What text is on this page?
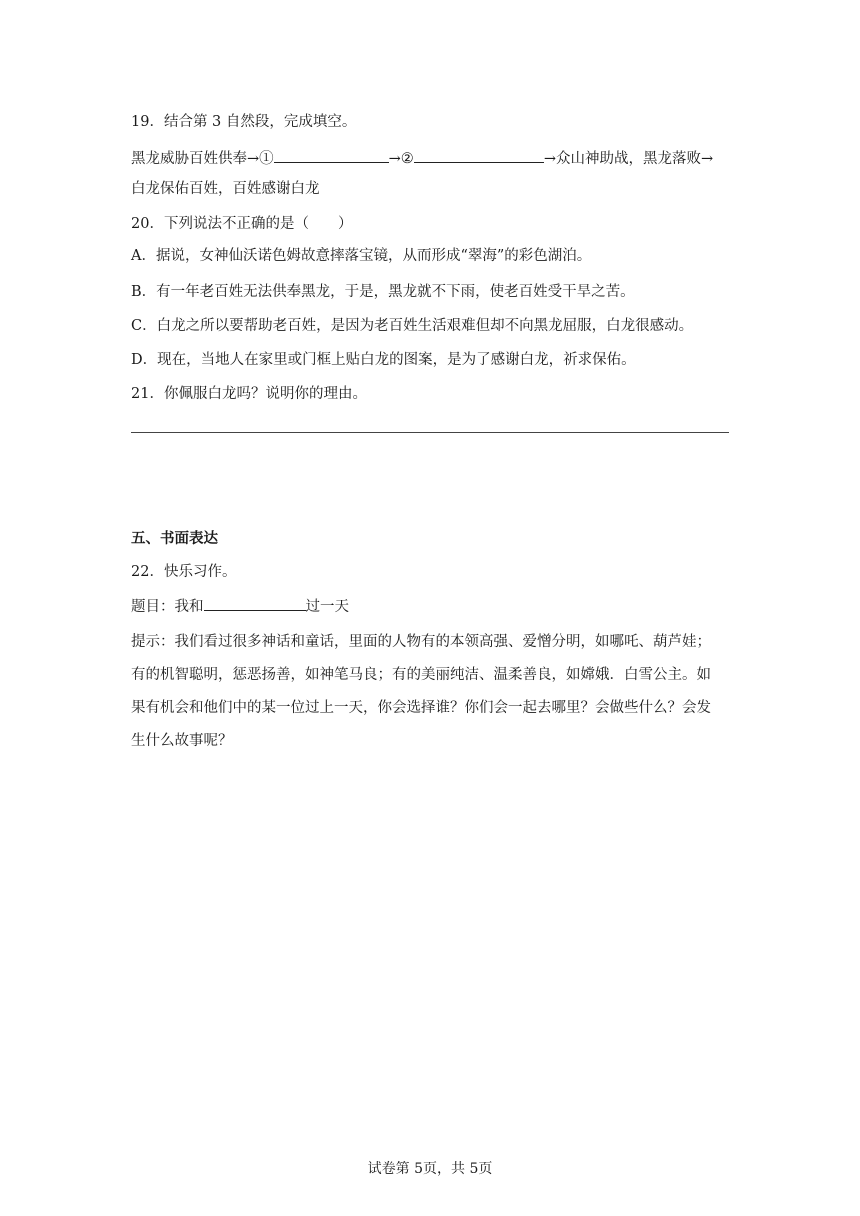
19．结合第 3 自然段，完成填空。
黑龙威胁百姓供奉→①	→②	→众山神助战，黑龙落败→
白龙保佑百姓，百姓感谢白龙
20．下列说法不正确的是（　　）
A．据说，女神仙沃诺色姆故意摔落宝镜，从而形成“翠海”的彩色湖泊。
B．有一年老百姓无法供奉黑龙，于是，黑龙就不下雨，使老百姓受干旱之苦。
C．白龙之所以要帮助老百姓，是因为老百姓生活艰难但却不向黑龙屈服，白龙很感动。
D．现在，当地人在家里或门框上贴白龙的图案，是为了感谢白龙，祈求保佑。
21．你佩服白龙吗？说明你的理由。
五、书面表达
22．快乐习作。
题目：我和	过一天
提示：我们看过很多神话和童话，里面的人物有的本领高强、爱憎分明，如哪吒、葫芦娃；
有的机智聪明，惩恶扬善，如神笔马良；有的美丽纯洁、温柔善良，如嫦娥．白雪公主。如
果有机会和他们中的某一位过上一天，你会选择谁？你们会一起去哪里？会做些什么？会发
生什么故事呢？
试卷第 5页，共 5页
